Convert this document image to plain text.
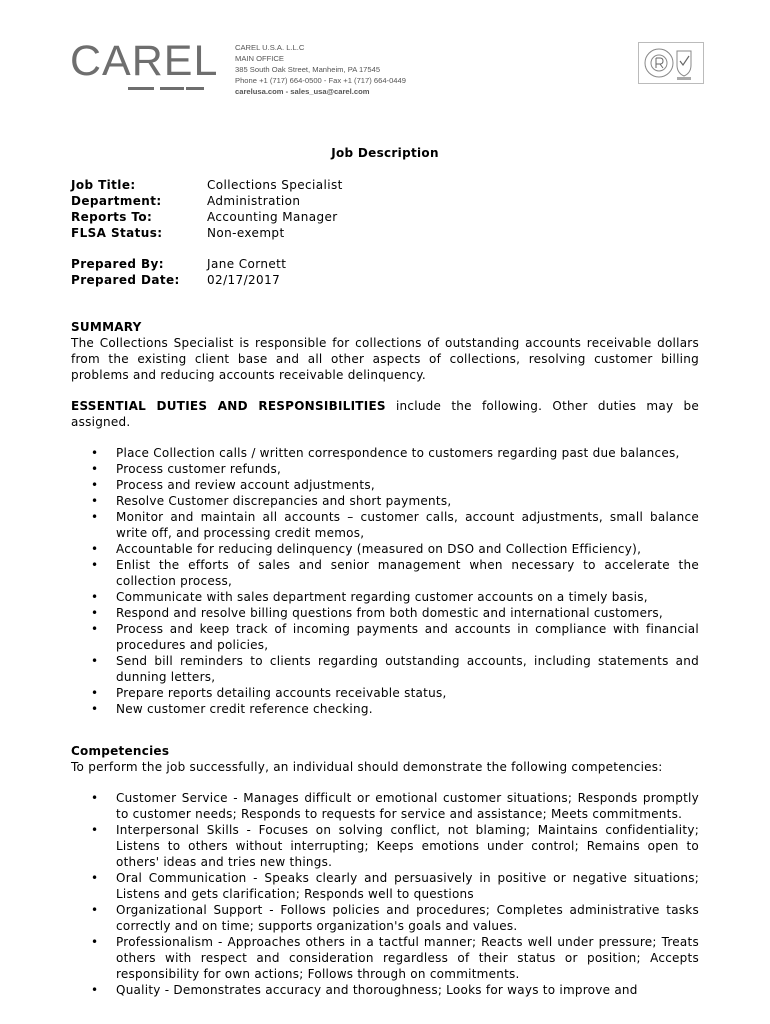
CAREL CAREL U.S.A. L.L.C
MAIN OFFICE
385 South Oak Street, Manheim, PA 17545
Phone +1 (717) 664-0500 - Fax +1 (717) 664-0449
carelusa.com - sales_usa@carel.com
Job Description
Job Title:	Collections Specialist
Department:	Administration
Reports To:	Accounting Manager
FLSA Status:	Non-exempt
Prepared By:	Jane Cornett
Prepared Date:	02/17/2017
SUMMARY
The Collections Specialist is responsible for collections of outstanding accounts receivable dollars from the existing client base and all other aspects of collections, resolving customer billing problems and reducing accounts receivable delinquency.
ESSENTIAL DUTIES AND RESPONSIBILITIES include the following. Other duties may be assigned.
• Place Collection calls / written correspondence to customers regarding past due balances,
• Process customer refunds,
• Process and review account adjustments,
• Resolve Customer discrepancies and short payments,
• Monitor and maintain all accounts – customer calls, account adjustments, small balance write off, and processing credit memos,
• Accountable for reducing delinquency (measured on DSO and Collection Efficiency),
• Enlist the efforts of sales and senior management when necessary to accelerate the collection process,
• Communicate with sales department regarding customer accounts on a timely basis,
• Respond and resolve billing questions from both domestic and international customers,
• Process and keep track of incoming payments and accounts in compliance with financial procedures and policies,
• Send bill reminders to clients regarding outstanding accounts, including statements and dunning letters,
• Prepare reports detailing accounts receivable status,
• New customer credit reference checking.
Competencies
To perform the job successfully, an individual should demonstrate the following competencies:
• Customer Service - Manages difficult or emotional customer situations; Responds promptly to customer needs; Responds to requests for service and assistance; Meets commitments.
• Interpersonal Skills - Focuses on solving conflict, not blaming; Maintains confidentiality; Listens to others without interrupting; Keeps emotions under control; Remains open to others' ideas and tries new things.
• Oral Communication - Speaks clearly and persuasively in positive or negative situations; Listens and gets clarification; Responds well to questions
• Organizational Support - Follows policies and procedures; Completes administrative tasks correctly and on time; supports organization's goals and values.
• Professionalism - Approaches others in a tactful manner; Reacts well under pressure; Treats others with respect and consideration regardless of their status or position; Accepts responsibility for own actions; Follows through on commitments.
• Quality - Demonstrates accuracy and thoroughness; Looks for ways to improve and
